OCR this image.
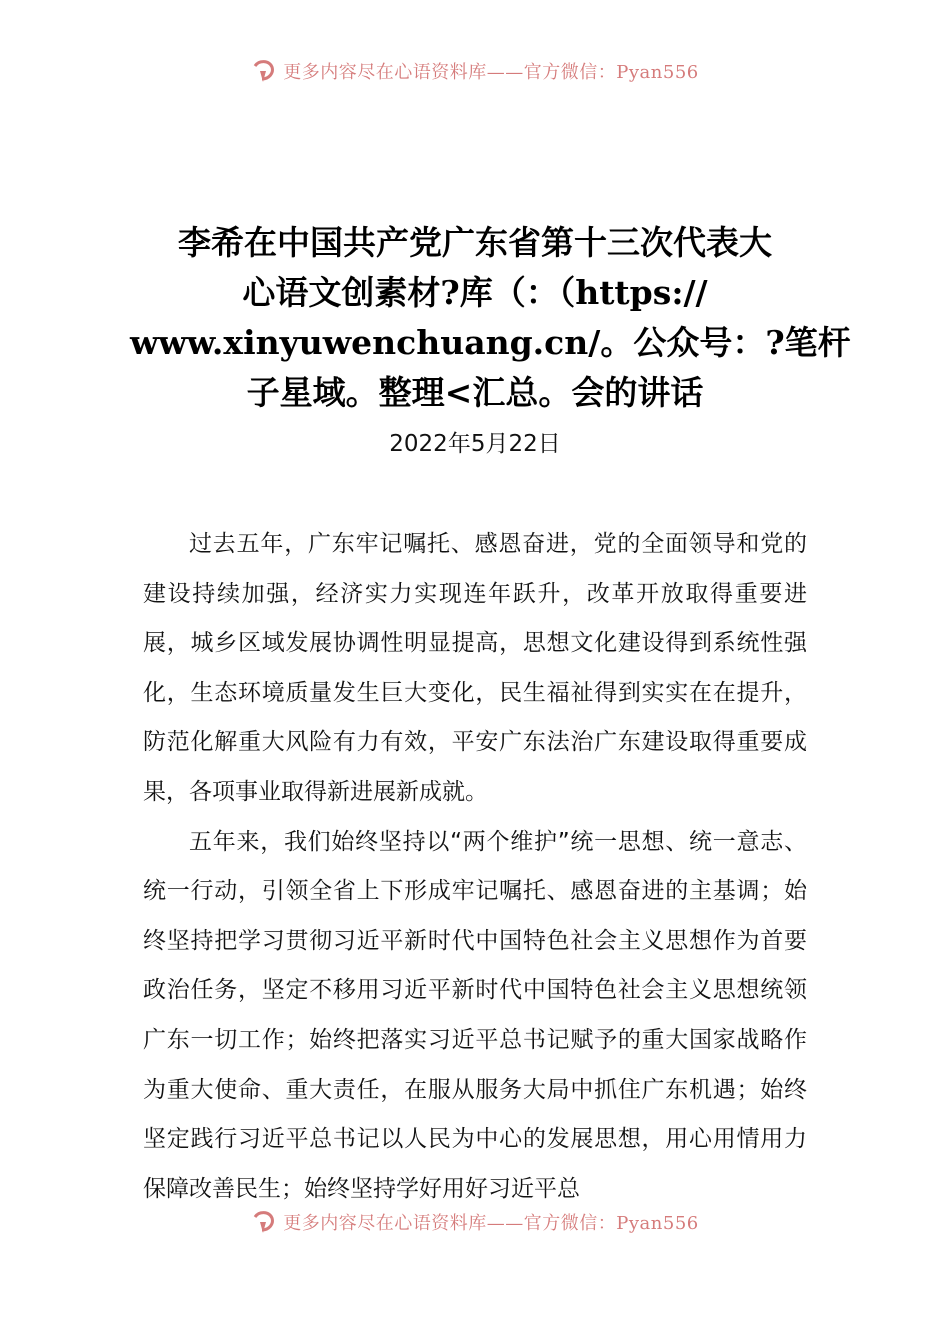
更多内容尽在心语资料库——官方微信：Pyan556
李希在中国共产党广东省第十三次代表大
心语文创素材?库（：（https://
www.xinyuwenchuang.cn/。公众号：?笔杆
子星域。整理<汇总。会的讲话
2022年5月22日

过去五年，广东牢记嘱托、感恩奋进，党的全面领导和党的建设持续加强，经济实力实现连年跃升，改革开放取得重要进展，城乡区域发展协调性明显提高，思想文化建设得到系统性强化，生态环境质量发生巨大变化，民生福祉得到实实在在提升，防范化解重大风险有力有效，平安广东法治广东建设取得重要成果，各项事业取得新进展新成就。

五年来，我们始终坚持以“两个维护”统一思想、统一意志、统一行动，引领全省上下形成牢记嘱托、感恩奋进的主基调；始终坚持把学习贯彻习近平新时代中国特色社会主义思想作为首要政治任务，坚定不移用习近平新时代中国特色社会主义思想统领广东一切工作；始终把落实习近平总书记赋予的重大国家战略作为重大使命、重大责任，在服从服务大局中抓住广东机遇；始终坚定践行习近平总书记以人民为中心的发展思想，用心用情用力保障改善民生；始终坚持学好用好习近平总

更多内容尽在心语资料库——官方微信：Pyan556
